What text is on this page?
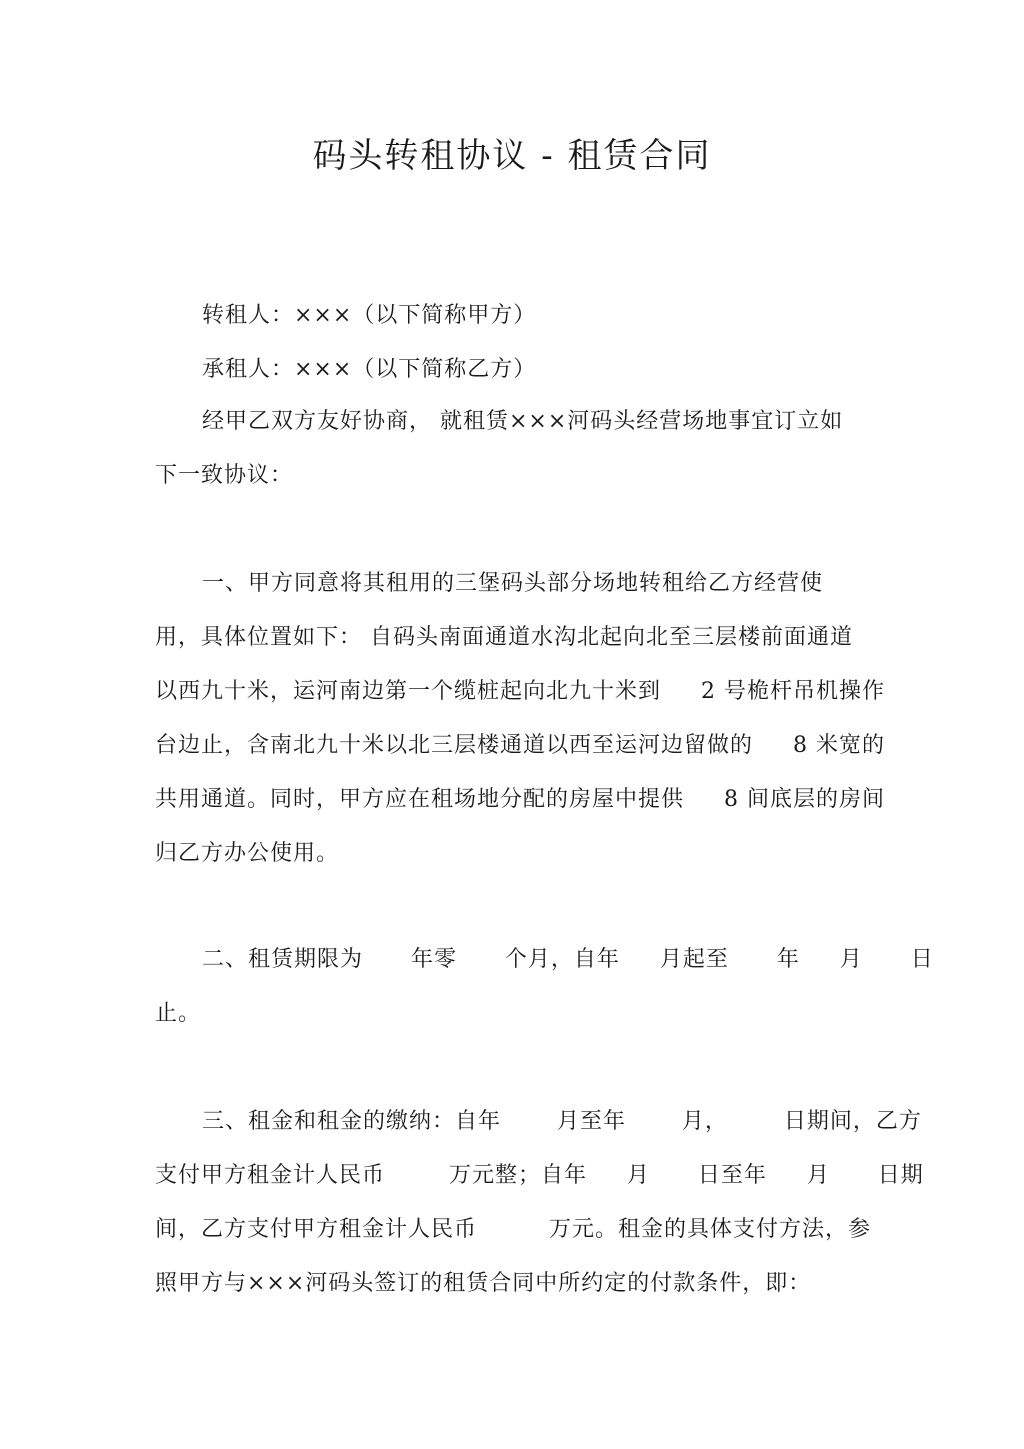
码头转租协议 - 租赁合同
转租人：×××（以下简称甲方）
承租人：×××（以下简称乙方）
经甲乙双方友好协商， 就租赁×××河码头经营场地事宜订立如
下一致协议：
一、甲方同意将其租用的三堡码头部分场地转租给乙方经营使
用，具体位置如下： 自码头南面通道水沟北起向北至三层楼前面通道
以西九十米，运河南边第一个缆桩起向北九十米到     2 号桅杆吊机操作
台边止，含南北九十米以北三层楼通道以西至运河边留做的     8 米宽的
共用通道。同时，甲方应在租场地分配的房屋中提供     8 间底层的房间
归乙方办公使用。
二、租赁期限为      年零      个月，自年     月起至      年     月      日
止。
三、租金和租金的缴纳：自年       月至年       月，       日期间，乙方
支付甲方租金计人民币        万元整；自年     月      日至年     月      日期
间，乙方支付甲方租金计人民币         万元。租金的具体支付方法，参
照甲方与×××河码头签订的租赁合同中所约定的付款条件，即：
